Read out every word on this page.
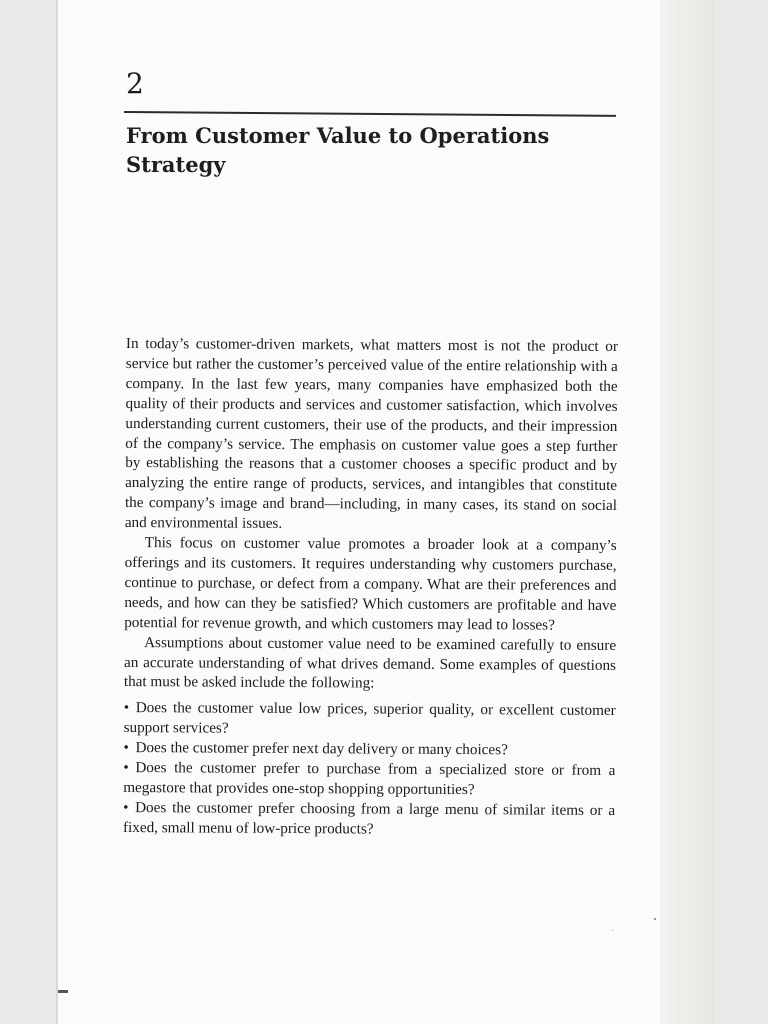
2
From Customer Value to Operations Strategy

In today’s customer-driven markets, what matters most is not the product or service but rather the customer’s perceived value of the entire relationship with a company. In the last few years, many companies have emphasized both the quality of their products and services and customer satisfaction, which involves understanding current customers, their use of the products, and their impression of the company’s service. The emphasis on customer value goes a step further by establishing the reasons that a customer chooses a specific product and by analyzing the entire range of products, services, and intangibles that constitute the company’s image and brand—including, in many cases, its stand on social and environmental issues.

This focus on customer value promotes a broader look at a company’s offerings and its customers. It requires understanding why customers purchase, continue to purchase, or defect from a company. What are their preferences and needs, and how can they be satisfied? Which customers are profitable and have potential for revenue growth, and which customers may lead to losses?

Assumptions about customer value need to be examined carefully to ensure an accurate understanding of what drives demand. Some examples of questions that must be asked include the following:

• Does the customer value low prices, superior quality, or excellent customer support services?
• Does the customer prefer next day delivery or many choices?
• Does the customer prefer to purchase from a specialized store or from a megastore that provides one-stop shopping opportunities?
• Does the customer prefer choosing from a large menu of similar items or a fixed, small menu of low-price products?
